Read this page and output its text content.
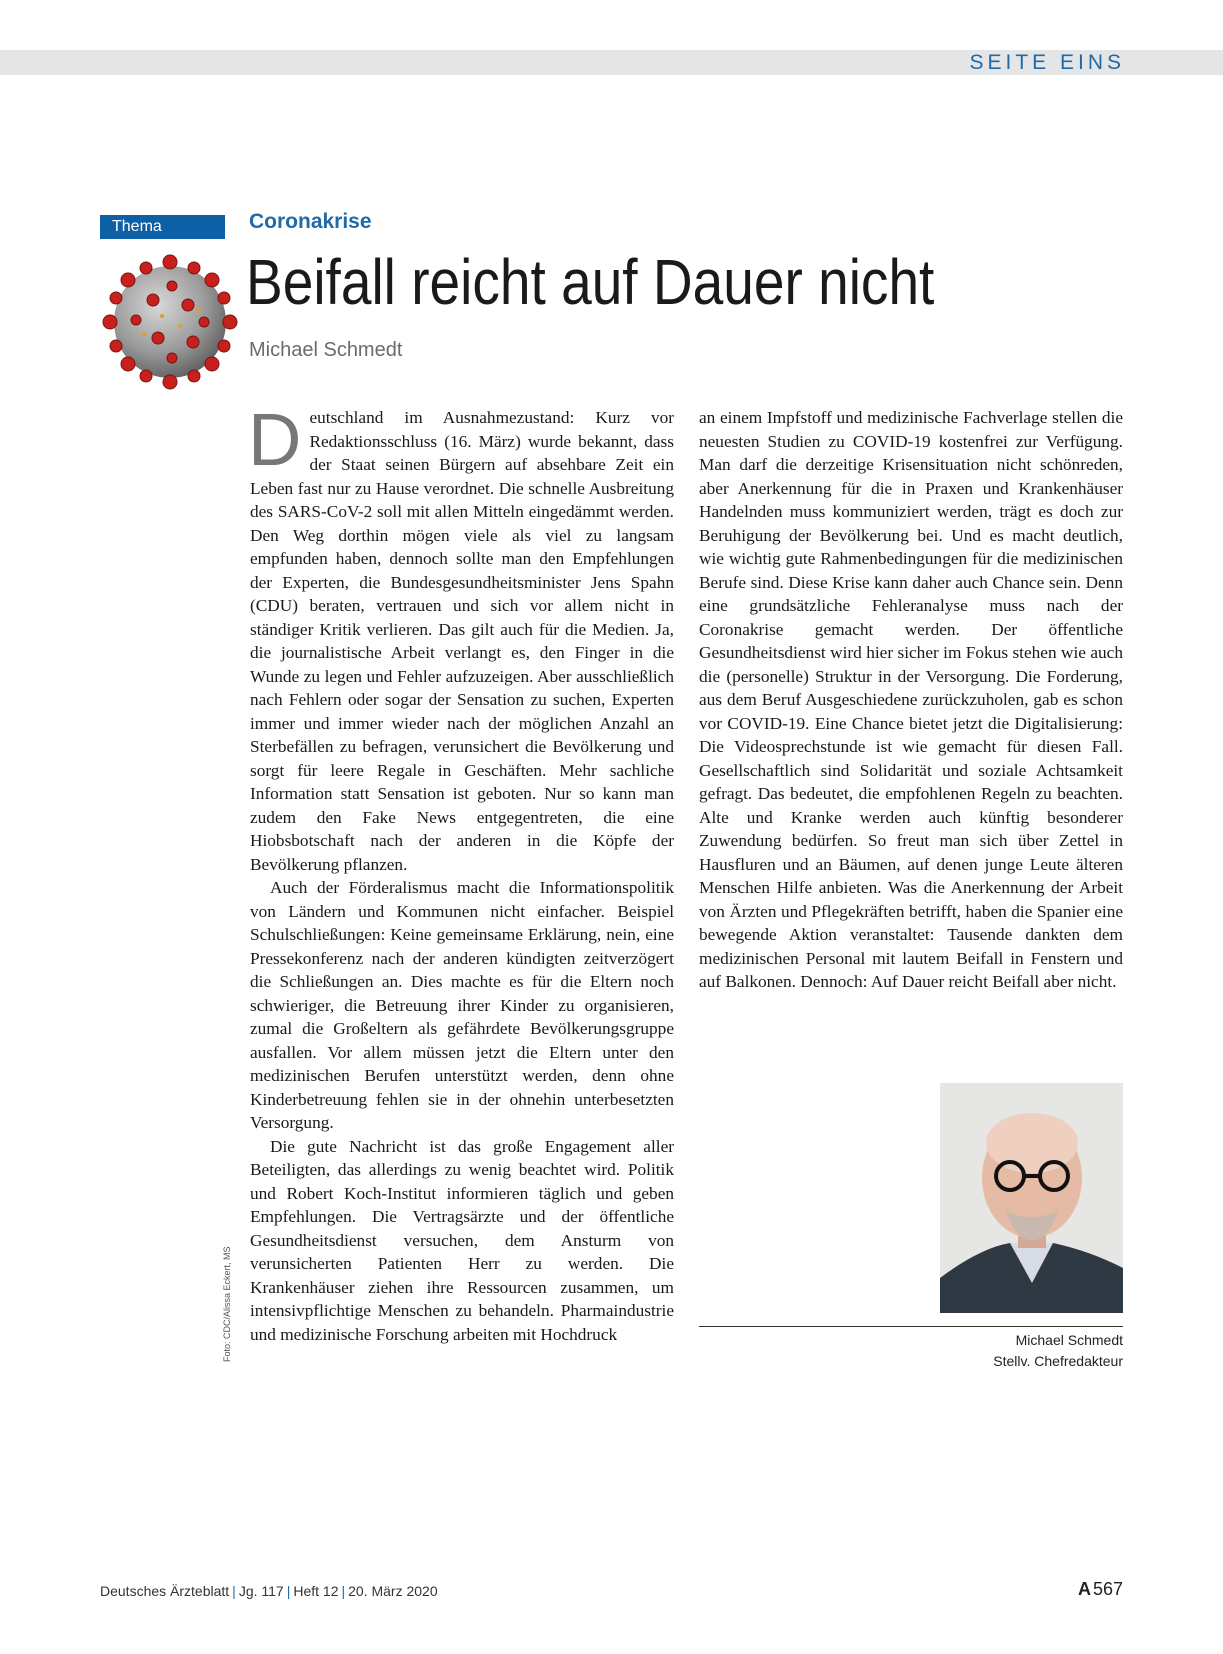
SEITE EINS
Thema	Coronakrise
Beifall reicht auf Dauer nicht
Michael Schmedt

Deutschland im Ausnahmezustand: Kurz vor Redaktionsschluss (16. März) wurde bekannt, dass der Staat seinen Bürgern auf absehbare Zeit ein Leben fast nur zu Hause verordnet. Die schnelle Ausbreitung des SARS-CoV-2 soll mit allen Mitteln eingedämmt werden. Den Weg dorthin mögen viele als viel zu langsam empfunden haben, dennoch sollte man den Empfehlungen der Experten, die Bundesgesundheitsminister Jens Spahn (CDU) beraten, vertrauen und sich vor allem nicht in ständiger Kritik verlieren. Das gilt auch für die Medien. Ja, die journalistische Arbeit verlangt es, den Finger in die Wunde zu legen und Fehler aufzuzeigen. Aber ausschließlich nach Fehlern oder sogar der Sensation zu suchen, Experten immer und immer wieder nach der möglichen Anzahl an Sterbefällen zu befragen, verunsichert die Bevölkerung und sorgt für leere Regale in Geschäften. Mehr sachliche Information statt Sensation ist geboten. Nur so kann man zudem den Fake News entgegentreten, die eine Hiobsbotschaft nach der anderen in die Köpfe der Bevölkerung pflanzen.

Auch der Förderalismus macht die Informationspolitik von Ländern und Kommunen nicht einfacher. Beispiel Schulschließungen: Keine gemeinsame Erklärung, nein, eine Pressekonferenz nach der anderen kündigten zeitverzögert die Schließungen an. Dies machte es für die Eltern noch schwieriger, die Betreuung ihrer Kinder zu organisieren, zumal die Großeltern als gefährdete Bevölkerungsgruppe ausfallen. Vor allem müssen jetzt die Eltern unter den medizinischen Berufen unterstützt werden, denn ohne Kinderbetreuung fehlen sie in der ohnehin unterbesetzten Versorgung.

Die gute Nachricht ist das große Engagement aller Beteiligten, das allerdings zu wenig beachtet wird. Politik und Robert Koch-Institut informieren täglich und geben Empfehlungen. Die Vertragsärzte und der öffentliche Gesundheitsdienst versuchen, dem Ansturm von verunsicherten Patienten Herr zu werden. Die Krankenhäuser ziehen ihre Ressourcen zusammen, um intensivpflichtige Menschen zu behandeln. Pharmaindustrie und medizinische Forschung arbeiten mit Hochdruck

an einem Impfstoff und medizinische Fachverlage stellen die neuesten Studien zu COVID-19 kostenfrei zur Verfügung. Man darf die derzeitige Krisensituation nicht schönreden, aber Anerkennung für die in Praxen und Krankenhäuser Handelnden muss kommuniziert werden, trägt es doch zur Beruhigung der Bevölkerung bei. Und es macht deutlich, wie wichtig gute Rahmenbedingungen für die medizinischen Berufe sind. Diese Krise kann daher auch Chance sein. Denn eine grundsätzliche Fehleranalyse muss nach der Coronakrise gemacht werden. Der öffentliche Gesundheitsdienst wird hier sicher im Fokus stehen wie auch die (personelle) Struktur in der Versorgung. Die Forderung, aus dem Beruf Ausgeschiedene zurückzuholen, gab es schon vor COVID-19. Eine Chance bietet jetzt die Digitalisierung: Die Videosprechstunde ist wie gemacht für diesen Fall. Gesellschaftlich sind Solidarität und soziale Achtsamkeit gefragt. Das bedeutet, die empfohlenen Regeln zu beachten. Alte und Kranke werden auch künftig besonderer Zuwendung bedürfen. So freut man sich über Zettel in Hausfluren und an Bäumen, auf denen junge Leute älteren Menschen Hilfe anbieten. Was die Anerkennung der Arbeit von Ärzten und Pflegekräften betrifft, haben die Spanier eine bewegende Aktion veranstaltet: Tausende dankten dem medizinischen Personal mit lautem Beifall in Fenstern und auf Balkonen. Dennoch: Auf Dauer reicht Beifall aber nicht.

Foto: CDC/Alissa Eckert, MS	Michael Schmedt
Stellv. Chefredakteur
Deutsches Ärzteblatt | Jg. 117 | Heft 12 | 20. März 2020	A 567
